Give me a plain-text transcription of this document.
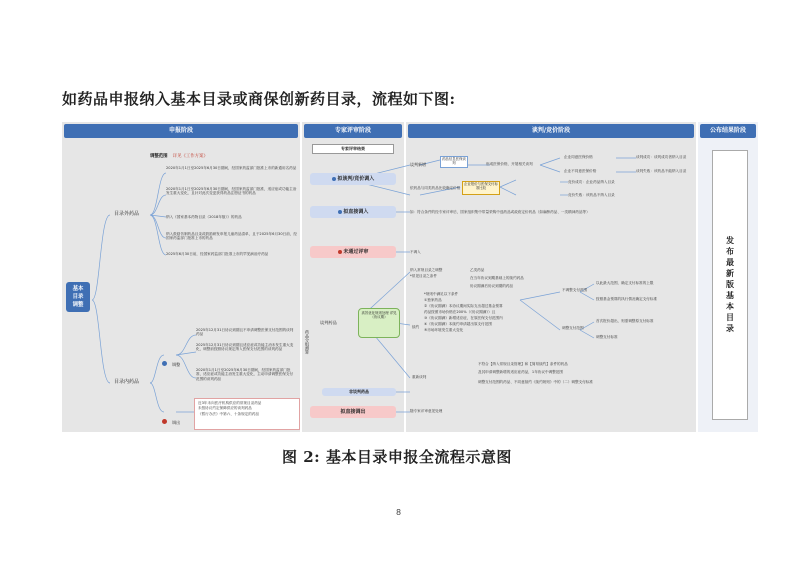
如药品申报纳入基本目录或商保创新药目录，流程如下图:
申报阶段	专家评审阶段	谈判/竞价阶段	公布结果阶段
基本
目录
调整
调整范围 详见《工作方案》
目录外药品
目录内药品
2020年1月1日至2025年6月30日期间，经国家药监部门批准上市的新通用名药品
2020年1月1日至2025年6月30日期间，经国家药监部门批准，适应症或功能主治发生重大变化，且针对此次变更获得药品注册证书的药品
纳入《国家基本药物目录（2018年版）》的药品
纳入鼓励仿制药品目录或鼓励研发申报儿童药品清单，且于2025年6月30日前，经国家药监部门批准上市的药品
2025年6月30日前，经国家药监部门批准上市的罕见病治疗药品
调整
2025年12月31日协议到期且不申请调整医保支付范围的谈判药品
2025年12月31日协议到期且适应症或功能主治未发生重大变化，调整前按照协议规定纳入医保支付范围的谈判药品
2020年1月1日至2025年6月30日期间，经国家药监部门批准，适应症或功能主治发生重大变化，主动申请调整医保支付范围的谈判药品
调出
近3年未向医疗机构供应的常规目录药品
未按协议约定保障供应的谈判药品
《暂行办法》中第六、十条规定的药品
专家评审结果
拟谈判/竞价调入
拟直接调入
未通过评审
药品分组测算
谈判药品
高效优化规则处理 详见《协议期》
非谈判药品
拟直接调出
谈判新增
药品信息医保谈判	形成医保价格，开展相关谈判
企业同意医保价格
企业不同意医保价格
谈判成功：谈判成功者纳入目录
谈判失败：该药品不能纳入目录
依药品与同类药品比较确定价格
企业报价与医保支付标准比较
竞价成功：企业药品纳入目录
竞价失败：该药品不纳入目录
如：符合条件的经专家评审后，国家组织集中带量采购中选药品或政府定价药品（如麻醉药品、一类精神药品等）
不调入
纳入常规目录之调整
*常见目录之条件
乙类药品
在当年协议到期基础上的续约药品
协议期满后协议到期的药品
续约
*规则中满足以下条件
①独家药品
②《协议期满》本协议期间实际支出超过基金预算
药品按照市场价格在200%（《协议期满》）且
③《协议期满》新增适应症，在原医保支付范围内
④《协议期满》本续约申请超出原支付范围
⑤市场环境发生重大变化
不调整支付范围
调整支付范围
以此最大范围，确定支付标准的上限
按照基金预算的执行情况确定支付标准
首次报价超出，则需调整原支付标准
调整支付标准
重新谈判
不符合【纳入常规目录管理】和【简易续约】条件的药品
及其申请调整新增的适应症药品，1年协议中调整范围
调整支付范围的药品、不同意续约《续约规则》中的（二）调整支付标准
随专家评审意见处理
发布最新版基本目录
图 2: 基本目录申报全流程示意图
8
